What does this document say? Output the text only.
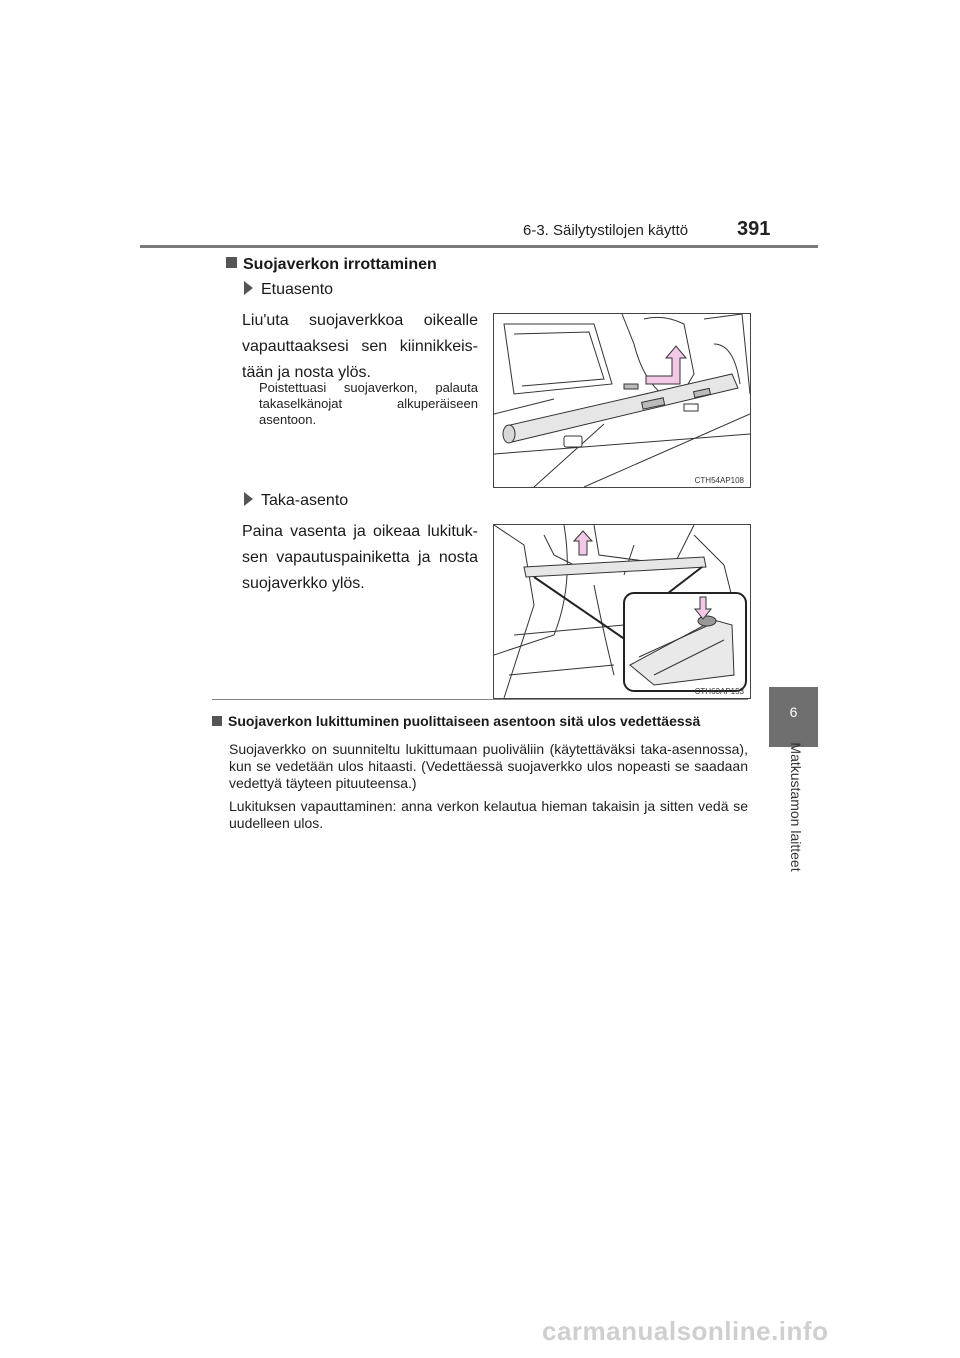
6-3. Säilytystilojen käyttö 391
6
Matkustamon laitteet
Suojaverkon irrottaminen
Etuasento
Liu'uta suojaverkkoa oikealle vapauttaaksesi sen kiinnikkeistään ja nosta ylös.
Poistettuasi suojaverkon, palauta takaselkänojat alkuperäiseen asentoon.
CTH54AP108
Taka-asento
Paina vasenta ja oikeaa lukituksen vapautuspainiketta ja nosta suojaverkko ylös.
CTH63AP153
Suojaverkon lukittuminen puolittaiseen asentoon sitä ulos vedettäessä
Suojaverkko on suunniteltu lukittumaan puoliväliin (käytettäväksi taka-asennossa), kun se vedetään ulos hitaasti. (Vedettäessä suojaverkko ulos nopeasti se saadaan vedettyä täyteen pituuteensa.)
Lukituksen vapauttaminen: anna verkon kelautua hieman takaisin ja sitten vedä se uudelleen ulos.
carmanualsonline.info
